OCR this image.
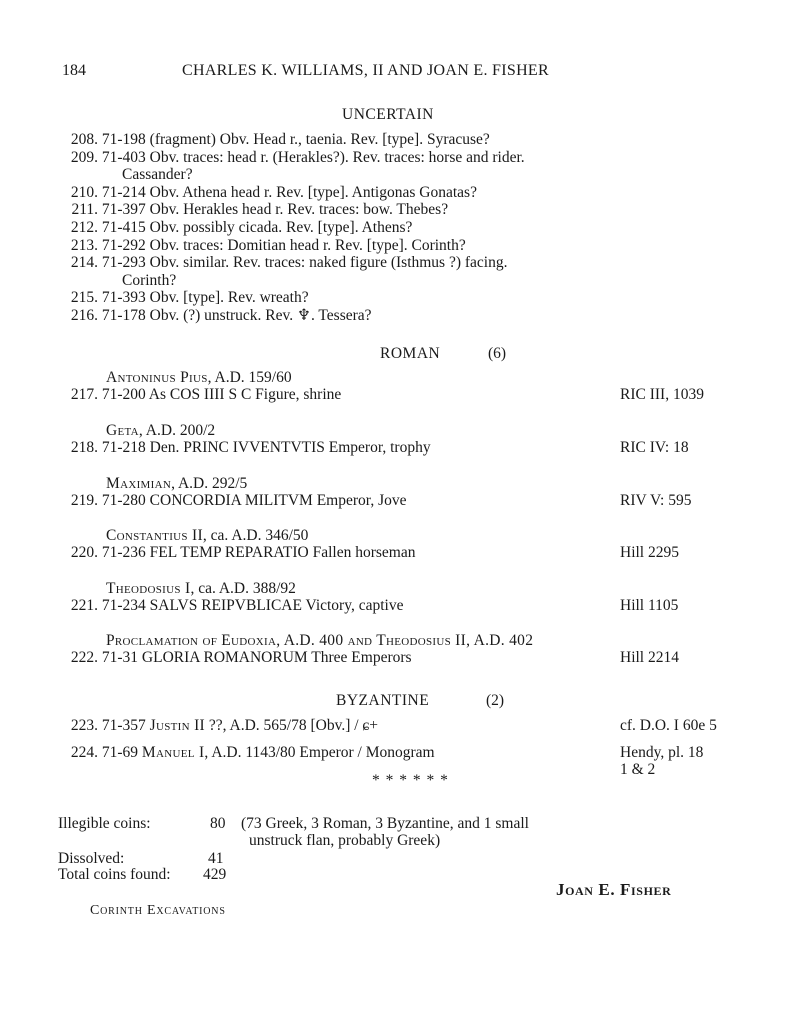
184	CHARLES K. WILLIAMS, II AND JOAN E. FISHER
UNCERTAIN
208. 71-198 (fragment) Obv. Head r., taenia. Rev. [type]. Syracuse?
209. 71-403 Obv. traces: head r. (Herakles?). Rev. traces: horse and rider.
Cassander?
210. 71-214 Obv. Athena head r. Rev. [type]. Antigonas Gonatas?
211. 71-397 Obv. Herakles head r. Rev. traces: bow. Thebes?
212. 71-415 Obv. possibly cicada. Rev. [type]. Athens?
213. 71-292 Obv. traces: Domitian head r. Rev. [type]. Corinth?
214. 71-293 Obv. similar. Rev. traces: naked figure (Isthmus ?) facing.
Corinth?
215. 71-393 Obv. [type]. Rev. wreath?
216. 71-178 Obv. (?) unstruck. Rev. ♆. Tessera?
ROMAN	(6)
Antoninus Pius, A.D. 159/60
217. 71-200 As COS IIII S C Figure, shrine	RIC III, 1039
Geta, A.D. 200/2
218. 71-218 Den. PRINC IVVENTVTIS Emperor, trophy	RIC IV: 18
Maximian, A.D. 292/5
219. 71-280 CONCORDIA MILITVM Emperor, Jove	RIV V: 595
Constantius II, ca. A.D. 346/50
220. 71-236 FEL TEMP REPARATIO Fallen horseman	Hill 2295
Theodosius I, ca. A.D. 388/92
221. 71-234 SALVS REIPVBLICAE Victory, captive	Hill 1105
Proclamation of Eudoxia, A.D. 400 and Theodosius II, A.D. 402
222. 71-31 GLORIA ROMANORUM Three Emperors	Hill 2214
BYZANTINE	(2)
223. 71-357 Justin II ??, A.D. 565/78 [Obv.] / ɕ+	cf. D.O. I 60e 5
224. 71-69 Manuel I, A.D. 1143/80 Emperor / Monogram	Hendy, pl. 18
1 & 2
* * * * * *
Illegible coins:	80 (73 Greek, 3 Roman, 3 Byzantine, and 1 small
unstruck flan, probably Greek)
Dissolved:	41
Total coins found: 429
Joan E. Fisher
Corinth Excavations
